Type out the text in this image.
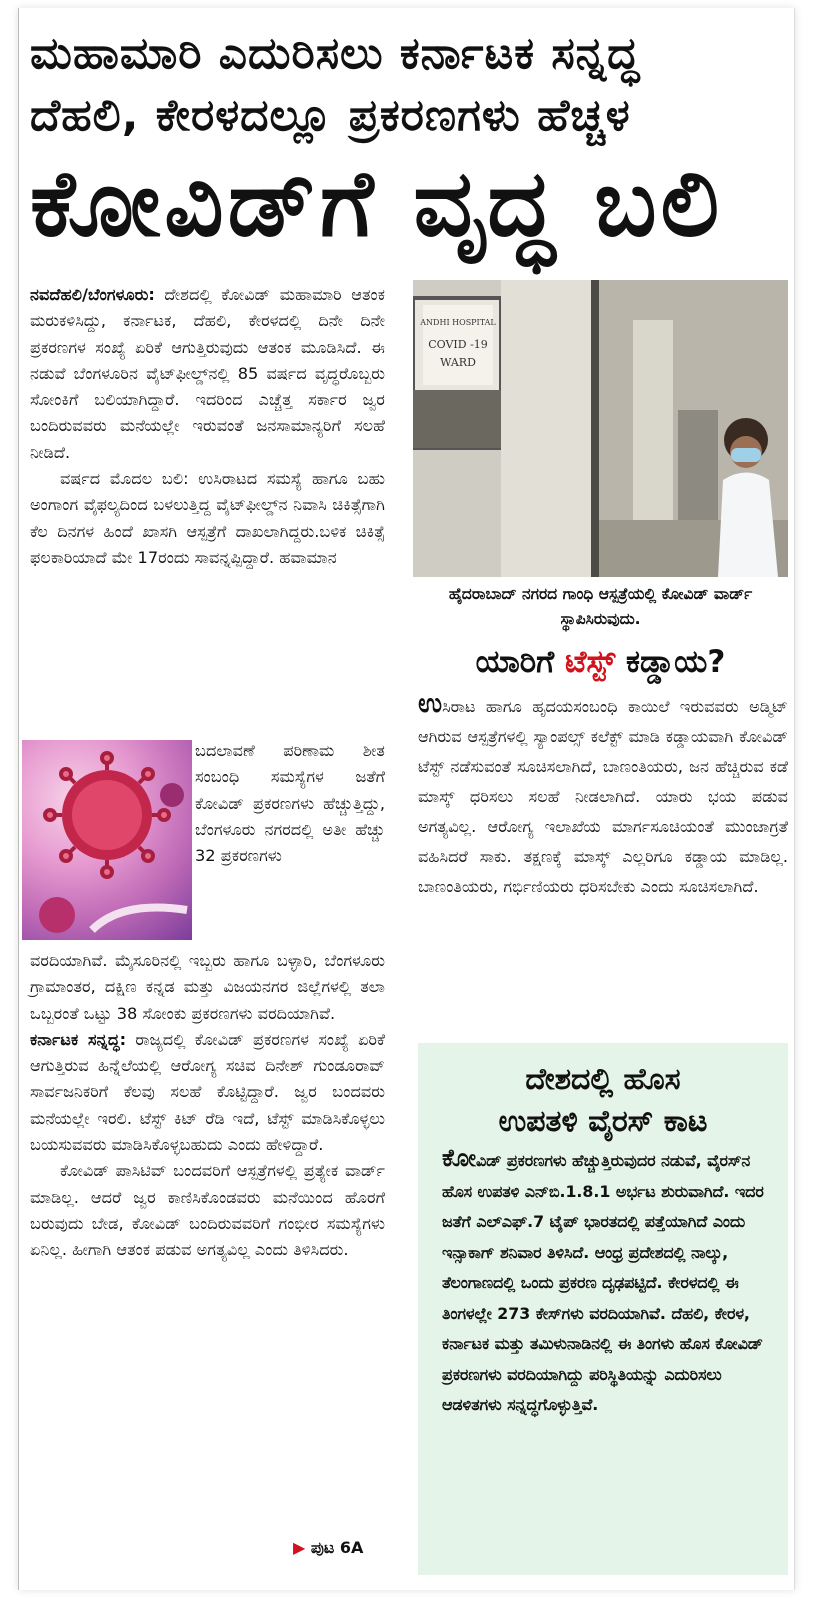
ಮಹಾಮಾರಿ ಎದುರಿಸಲು ಕರ್ನಾಟಕ ಸನ್ನದ್ಧ
ದೆಹಲಿ, ಕೇರಳದಲ್ಲೂ ಪ್ರಕರಣಗಳು ಹೆಚ್ಚಳ
ಕೋವಿಡ್‌ಗೆ ವೃದ್ಧ ಬಲಿ

ನವದೆಹಲಿ/ಬೆಂಗಳೂರು: ದೇಶದಲ್ಲಿ ಕೋವಿಡ್ ಮಹಾಮಾರಿ ಆತಂಕ ಮರುಕಳಿಸಿದ್ದು, ಕರ್ನಾಟಕ, ದೆಹಲಿ, ಕೇರಳದಲ್ಲಿ ದಿನೇ ದಿನೇ ಪ್ರಕರಣಗಳ ಸಂಖ್ಯೆ ಏರಿಕೆ ಆಗುತ್ತಿರುವುದು ಆತಂಕ ಮೂಡಿಸಿದೆ. ಈ ನಡುವೆ ಬೆಂಗಳೂರಿನ ವೈಟ್‌ಫೀಲ್ಡ್‌ನಲ್ಲಿ 85 ವರ್ಷದ ವೃದ್ಧರೊಬ್ಬರು ಸೋಂಕಿಗೆ ಬಲಿಯಾಗಿದ್ದಾರೆ. ಇದರಿಂದ ಎಚ್ಚೆತ್ತ ಸರ್ಕಾರ ಜ್ವರ ಬಂದಿರುವವರು ಮನೆಯಲ್ಲೇ ಇರುವಂತೆ ಜನಸಾಮಾನ್ಯರಿಗೆ ಸಲಹೆ ನೀಡಿದೆ.

ವರ್ಷದ ಮೊದಲ ಬಲಿ: ಉಸಿರಾಟದ ಸಮಸ್ಯೆ ಹಾಗೂ ಬಹು ಅಂಗಾಂಗ ವೈಫಲ್ಯದಿಂದ ಬಳಲುತ್ತಿದ್ದ ವೈಟ್‌ಫೀಲ್ಡ್‌ನ ನಿವಾಸಿ ಚಿಕಿತ್ಸೆಗಾಗಿ ಕೆಲ ದಿನಗಳ ಹಿಂದೆ ಖಾಸಗಿ ಆಸ್ಪತ್ರೆಗೆ ದಾಖಲಾಗಿದ್ದರು.ಬಳಿಕ ಚಿಕಿತ್ಸೆ ಫಲಕಾರಿಯಾದೆ ಮೇ 17ರಂದು ಸಾವನ್ನಪ್ಪಿದ್ದಾರೆ. ಹವಾಮಾನ

ಬದಲಾವಣೆ ಪರಿಣಾಮ ಶೀತ ಸಂಬಂಧಿ ಸಮಸ್ಯೆಗಳ ಜತೆಗೆ ಕೋವಿಡ್ ಪ್ರಕರಣಗಳು ಹೆಚ್ಚುತ್ತಿದ್ದು, ಬೆಂಗಳೂರು ನಗರದಲ್ಲಿ ಅತೀ ಹೆಚ್ಚು 32 ಪ್ರಕರಣಗಳು

ವರದಿಯಾಗಿವೆ. ಮೈಸೂರಿನಲ್ಲಿ ಇಬ್ಬರು ಹಾಗೂ ಬಳ್ಳಾರಿ, ಬೆಂಗಳೂರು ಗ್ರಾಮಾಂತರ, ದಕ್ಷಿಣ ಕನ್ನಡ ಮತ್ತು ವಿಜಯನಗರ ಜಿಲ್ಲೆಗಳಲ್ಲಿ ತಲಾ ಒಬ್ಬರಂತೆ ಒಟ್ಟು 38 ಸೋಂಕು ಪ್ರಕರಣಗಳು ವರದಿಯಾಗಿವೆ.

ಕರ್ನಾಟಕ ಸನ್ನದ್ಧ: ರಾಜ್ಯದಲ್ಲಿ ಕೋವಿಡ್ ಪ್ರಕರಣಗಳ ಸಂಖ್ಯೆ ಏರಿಕೆ ಆಗುತ್ತಿರುವ ಹಿನ್ನೆಲೆಯಲ್ಲಿ ಆರೋಗ್ಯ ಸಚಿವ ದಿನೇಶ್ ಗುಂಡೂರಾವ್ ಸಾರ್ವಜನಿಕರಿಗೆ ಕೆಲವು ಸಲಹೆ ಕೊಟ್ಟಿದ್ದಾರೆ. ಜ್ವರ ಬಂದವರು ಮನೆಯಲ್ಲೇ ಇರಲಿ. ಟೆಸ್ಟ್ ಕಿಟ್ ರೆಡಿ ಇದೆ, ಟೆಸ್ಟ್ ಮಾಡಿಸಿಕೊಳ್ಳಲು ಬಯಸುವವರು ಮಾಡಿಸಿಕೊಳ್ಳಬಹುದು ಎಂದು ಹೇಳಿದ್ದಾರೆ.

ಕೋವಿಡ್ ಪಾಸಿಟಿವ್ ಬಂದವರಿಗೆ ಆಸ್ಪತ್ರೆಗಳಲ್ಲಿ ಪ್ರತ್ಯೇಕ ವಾರ್ಡ್ ಮಾಡಿಲ್ಲ. ಆದರೆ ಜ್ವರ ಕಾಣಿಸಿಕೊಂಡವರು ಮನೆಯಿಂದ ಹೊರಗೆ ಬರುವುದು ಬೇಡ, ಕೋವಿಡ್ ಬಂದಿರುವವರಿಗೆ ಗಂಭೀರ ಸಮಸ್ಯೆಗಳು ಏನಿಲ್ಲ. ಹೀಗಾಗಿ ಆತಂಕ ಪಡುವ ಅಗತ್ಯವಿಲ್ಲ ಎಂದು ತಿಳಿಸಿದರು.

▶ ಪುಟ 6A
ANDHI HOSPITAL
COVID -19
WARD
ಹೈದರಾಬಾದ್ ನಗರದ ಗಾಂಧಿ ಆಸ್ಪತ್ರೆಯಲ್ಲಿ ಕೋವಿಡ್ ವಾರ್ಡ್ ಸ್ಥಾಪಿಸಿರುವುದು.
ಯಾರಿಗೆ ಟೆಸ್ಟ್ ಕಡ್ಡಾಯ?

ಉಸಿರಾಟ ಹಾಗೂ ಹೃದಯಸಂಬಂಧಿ ಕಾಯಿಲೆ ಇರುವವರು ಅಡ್ಮಿಟ್ ಆಗಿರುವ ಆಸ್ಪತ್ರೆಗಳಲ್ಲಿ ಸ್ಯಾಂಪಲ್ಸ್ ಕಲೆಕ್ಟ್ ಮಾಡಿ ಕಡ್ಡಾಯವಾಗಿ ಕೋವಿಡ್ ಟೆಸ್ಟ್ ನಡೆಸುವಂತೆ ಸೂಚಿಸಲಾಗಿದೆ, ಬಾಣಂತಿಯರು, ಜನ ಹೆಚ್ಚಿರುವ ಕಡೆ ಮಾಸ್ಕ್ ಧರಿಸಲು ಸಲಹೆ ನೀಡಲಾಗಿದೆ. ಯಾರು ಭಯ ಪಡುವ ಅಗತ್ಯವಿಲ್ಲ. ಆರೋಗ್ಯ ಇಲಾಖೆಯ ಮಾರ್ಗಸೂಚಿಯಂತೆ ಮುಂಜಾಗ್ರತೆ ವಹಿಸಿದರೆ ಸಾಕು. ತಕ್ಷಣಕ್ಕೆ ಮಾಸ್ಕ್ ಎಲ್ಲರಿಗೂ ಕಡ್ಡಾಯ ಮಾಡಿಲ್ಲ. ಬಾಣಂತಿಯರು, ಗರ್ಭಿಣಿಯರು ಧರಿಸಬೇಕು ಎಂದು ಸೂಚಿಸಲಾಗಿದೆ.

ದೇಶದಲ್ಲಿ ಹೊಸ
ಉಪತಳಿ ವೈರಸ್ ಕಾಟ

ಕೋವಿಡ್ ಪ್ರಕರಣಗಳು ಹೆಚ್ಚುತ್ತಿರುವುದರ ನಡುವೆ, ವೈರಸ್‌ನ ಹೊಸ ಉಪತಳಿ ಎನ್‌ಬಿ.1.8.1 ಅರ್ಭಟ ಶುರುವಾಗಿದೆ. ಇದರ ಜತೆಗೆ ಎಲ್‌ಎಫ್.7 ಟೈಪ್ ಭಾರತದಲ್ಲಿ ಪತ್ತೆಯಾಗಿದೆ ಎಂದು ಇನ್ಸಾಕಾಗ್ ಶನಿವಾರ ತಿಳಿಸಿದೆ. ಆಂಧ್ರ ಪ್ರದೇಶದಲ್ಲಿ ನಾಲ್ಕು, ತೆಲಂಗಾಣದಲ್ಲಿ ಒಂದು ಪ್ರಕರಣ ದೃಢಪಟ್ಟಿದೆ. ಕೇರಳದಲ್ಲಿ ಈ ತಿಂಗಳಲ್ಲೇ 273 ಕೇಸ್‌ಗಳು ವರದಿಯಾಗಿವೆ. ದೆಹಲಿ, ಕೇರಳ, ಕರ್ನಾಟಕ ಮತ್ತು ತಮಿಳುನಾಡಿನಲ್ಲಿ ಈ ತಿಂಗಳು ಹೊಸ ಕೋವಿಡ್ ಪ್ರಕರಣಗಳು ವರದಿಯಾಗಿದ್ದು ಪರಿಸ್ಥಿತಿಯನ್ನು ಎದುರಿಸಲು ಆಡಳಿತಗಳು ಸನ್ನದ್ಧಗೊಳ್ಳುತ್ತಿವೆ.
